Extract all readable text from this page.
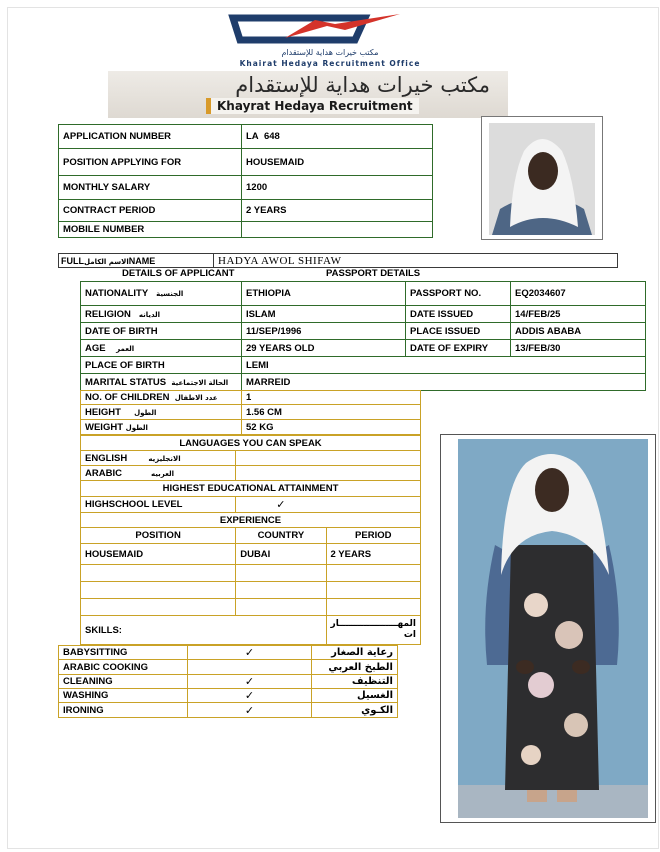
مكتب خيرات هداية للإستقدام
Khairat Hedaya Recruitment Office
مكتب خيرات هداية للإستقدام
Khayrat Hedaya Recruitment
APPLICATION NUMBER	LA 648
POSITION APPLYING FOR	HOUSEMAID
MONTHLY SALARY	1200
CONTRACT PERIOD	2 YEARS
MOBILE NUMBER	
FULLالاسم الكاملNAME	HADYA AWOL SHIFAW
DETAILS OF APPLICANT	PASSPORT DETAILS
NATIONALITY الجنسية	ETHIOPIA	PASSPORT NO.	EQ2034607
RELIGION الديانه	ISLAM	DATE ISSUED	14/FEB/25
DATE OF BIRTH	11/SEP/1996	PLACE ISSUED	ADDIS ABABA
AGE العمر	29 YEARS OLD	DATE OF EXPIRY	13/FEB/30
PLACE OF BIRTH	LEMI		
MARITAL STATUS الحالة الاجتماعية	MARREID		
NO. OF CHILDREN عدد الاطفال	1
HEIGHT الطول	1.56 CM
WEIGHT الطول	52 KG
LANGUAGES YOU CAN SPEAK		
ENGLISH الانجليزيه		
ARABIC العربيه		
HIGHEST EDUCATIONAL ATTAINMENT		
HIGHSCHOOL LEVEL	✓	
EXPERIENCE		
POSITION	COUNTRY	PERIOD
HOUSEMAID	DUBAI	2 YEARS

SKILLS:		المهـــــــــــــــــــار
ات
BABYSITTING	✓	رعاية الصغار
ARABIC COOKING		الطبخ العربي
CLEANING	✓	التنظيف
WASHING	✓	الغسيل
IRONING	✓	الكـوي
